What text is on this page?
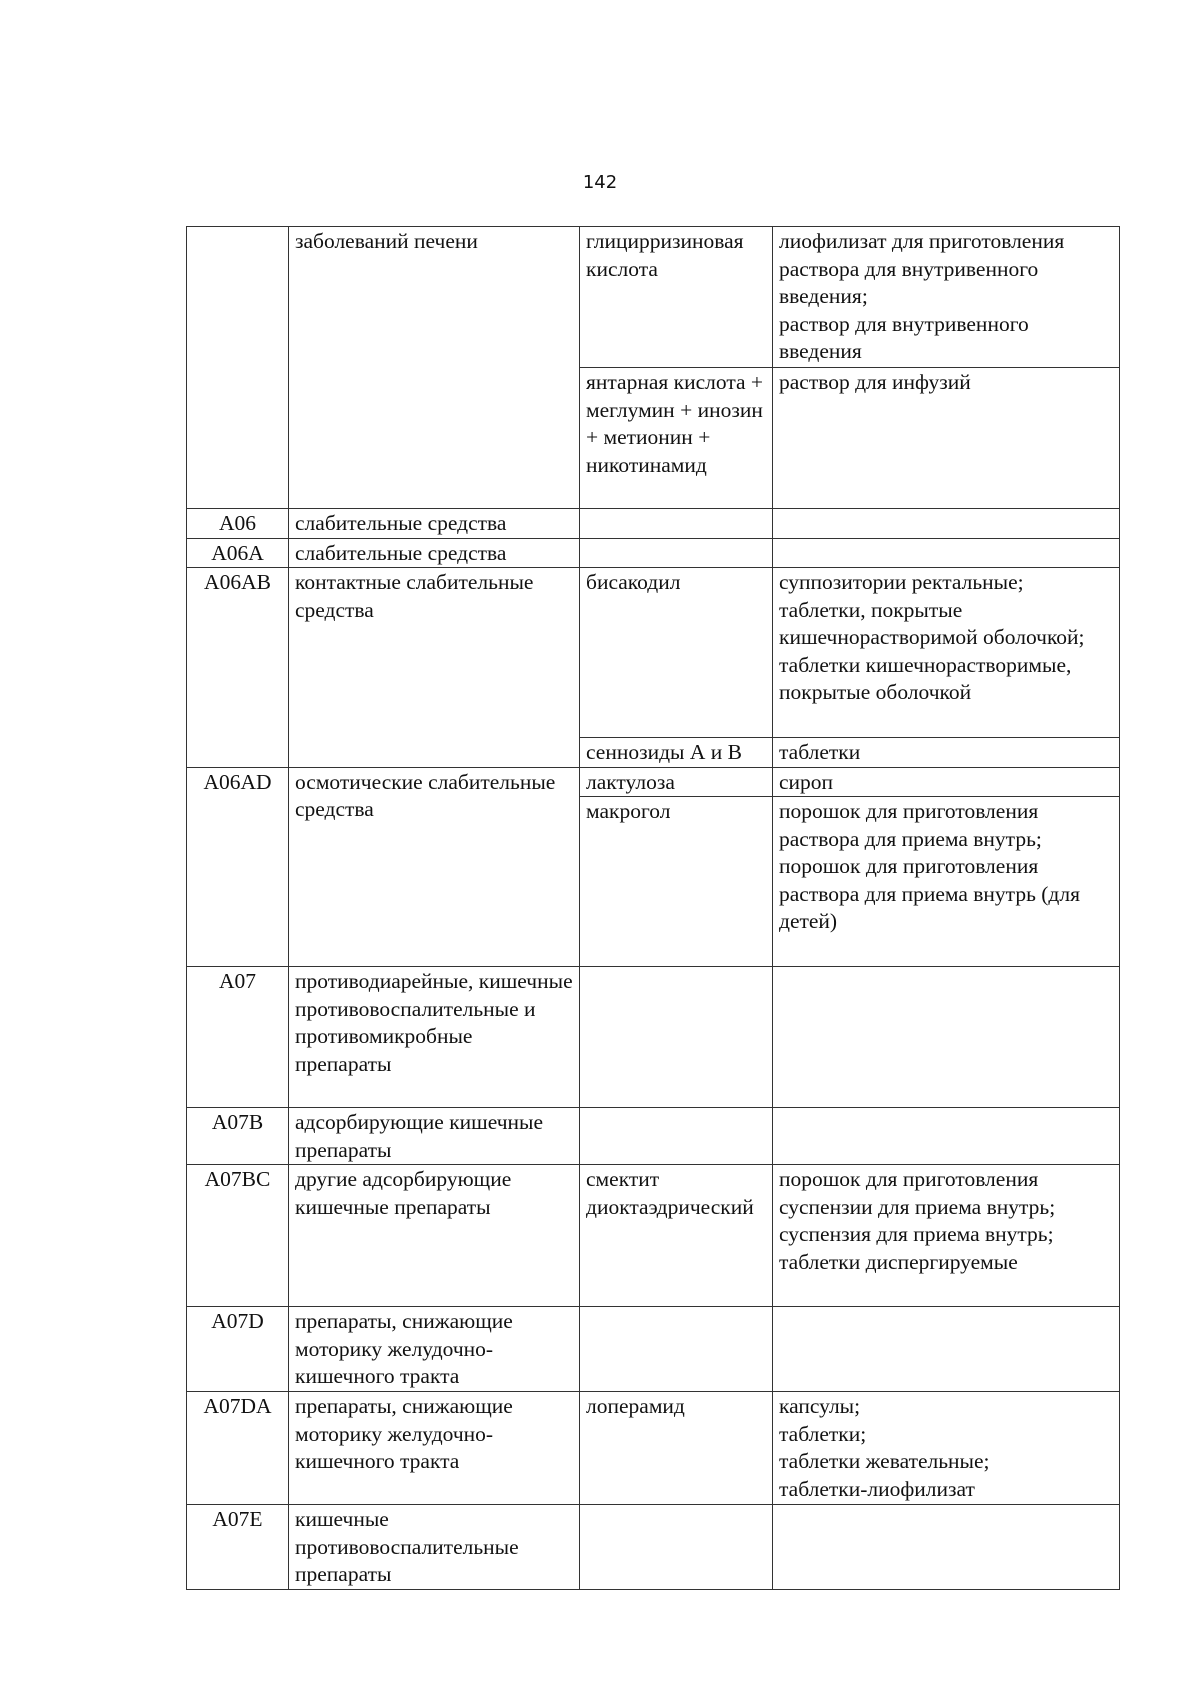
142
	заболеваний печени	глицирризиновая кислота	лиофилизат для приготовления раствора для внутривенного введения;
раствор для внутривенного введения

		янтарная кислота + меглумин + инозин + метионин + никотинамид	раствор для инфузий

A06	слабительные средства		
A06A	слабительные средства		
A06AB	контактные слабительные средства	бисакодил	суппозитории ректальные;
таблетки, покрытые кишечнорастворимой оболочкой;
таблетки кишечнорастворимые, покрытые оболочкой

		сеннозиды А и В	таблетки

A06AD	осмотические слабительные средства	лактулоза	сироп

		макрогол	порошок для приготовления раствора для приема внутрь;
порошок для приготовления раствора для приема внутрь (для детей)

A07	противодиарейные, кишечные противовоспалительные и противомикробные препараты		
A07B	адсорбирующие кишечные препараты		
A07BC	другие адсорбирующие кишечные препараты	смектит диоктаэдрический	порошок для приготовления суспензии для приема внутрь;
суспензия для приема внутрь;
таблетки диспергируемые

A07D	препараты, снижающие моторику желудочно-кишечного тракта		
A07DA	препараты, снижающие моторику желудочно-кишечного тракта	лоперамид	капсулы;
таблетки;
таблетки жевательные;
таблетки-лиофилизат

A07E	кишечные противовоспалительные препараты		
